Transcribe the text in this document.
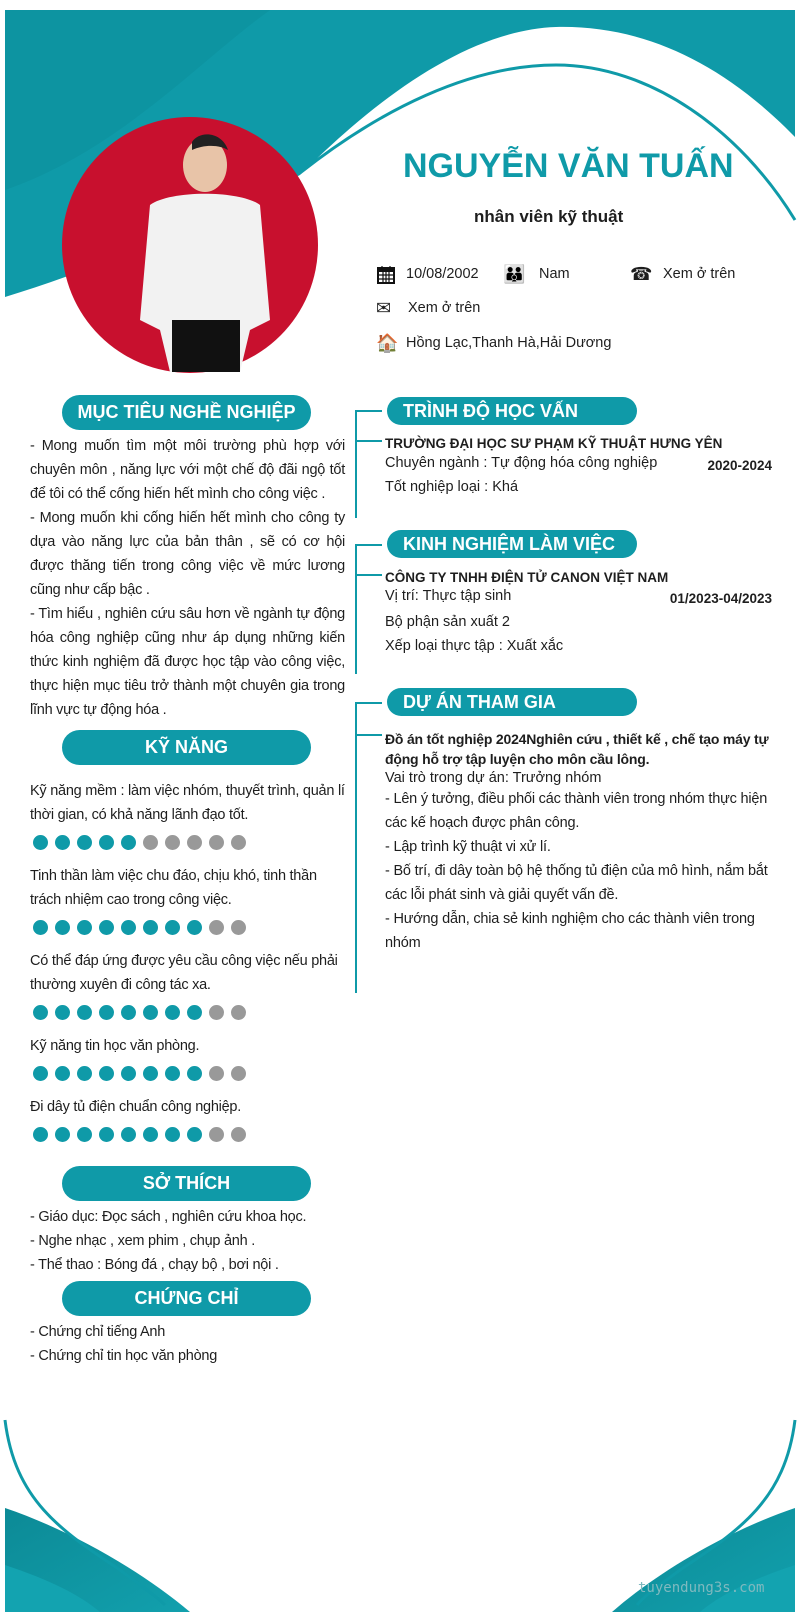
NGUYỄN VĂN TUẤN
nhân viên kỹ thuật
10/08/2002 👪 Nam	☎ Xem ở trên
✉	Xem ở trên
🏠 Hồng Lạc,Thanh Hà,Hải Dương
MỤC TIÊU NGHỀ NGHIỆP
- Mong muốn tìm một môi trường phù hợp với chuyên môn , năng lực với một chế độ đãi ngộ tốt để tôi có thể cống hiến hết mình cho công việc .
- Mong muốn khi cống hiến hết mình cho công ty dựa vào năng lực của bản thân , sẽ có cơ hội được thăng tiến trong công việc về mức lương cũng như cấp bậc .
- Tìm hiểu , nghiên cứu sâu hơn về ngành tự động hóa công nghiệp cũng như áp dụng những kiến thức kinh nghiệm đã được học tập vào công việc, thực hiện mục tiêu trở thành một chuyên gia trong lĩnh vực tự động hóa .
KỸ NĂNG
Kỹ năng mềm : làm việc nhóm, thuyết trình, quản lí thời gian, có khả năng lãnh đạo tốt.
Tinh thần làm việc chu đáo, chịu khó, tinh thần trách nhiệm cao trong công việc.
Có thể đáp ứng được yêu cầu công việc nếu phải thường xuyên đi công tác xa.
Kỹ năng tin học văn phòng.
Đi dây tủ điện chuẩn công nghiệp.
SỞ THÍCH
- Giáo dục: Đọc sách , nghiên cứu khoa học.
- Nghe nhạc , xem phim , chụp ảnh .
- Thể thao : Bóng đá , chạy bộ , bơi nội .
CHỨNG CHỈ
- Chứng chỉ tiếng Anh
- Chứng chỉ tin học văn phòng
TRÌNH ĐỘ HỌC VẤN
TRƯỜNG ĐẠI HỌC SƯ PHẠM KỸ THUẬT HƯNG YÊN
Chuyên ngành : Tự động hóa công nghiệp	2020-2024
Tốt nghiệp loại : Khá
KINH NGHIỆM LÀM VIỆC
CÔNG TY TNHH ĐIỆN TỬ CANON VIỆT NAM
Vị trí: Thực tập sinh	01/2023-04/2023
Bộ phận sản xuất 2
Xếp loại thực tập : Xuất xắc
DỰ ÁN THAM GIA
Đồ án tốt nghiệp 2024Nghiên cứu , thiết kế , chế tạo máy tự động hỗ trợ tập luyện cho môn cầu lông.
Vai trò trong dự án: Trưởng nhóm
- Lên ý tưởng, điều phối các thành viên trong nhóm thực hiện các kế hoạch được phân công.
- Lập trình kỹ thuật vi xử lí.
- Bố trí, đi dây toàn bộ hệ thống tủ điện của mô hình, nắm bắt các lỗi phát sinh và giải quyết vấn đề.
- Hướng dẫn, chia sẻ kinh nghiệm cho các thành viên trong nhóm
tuyendung3s.com
